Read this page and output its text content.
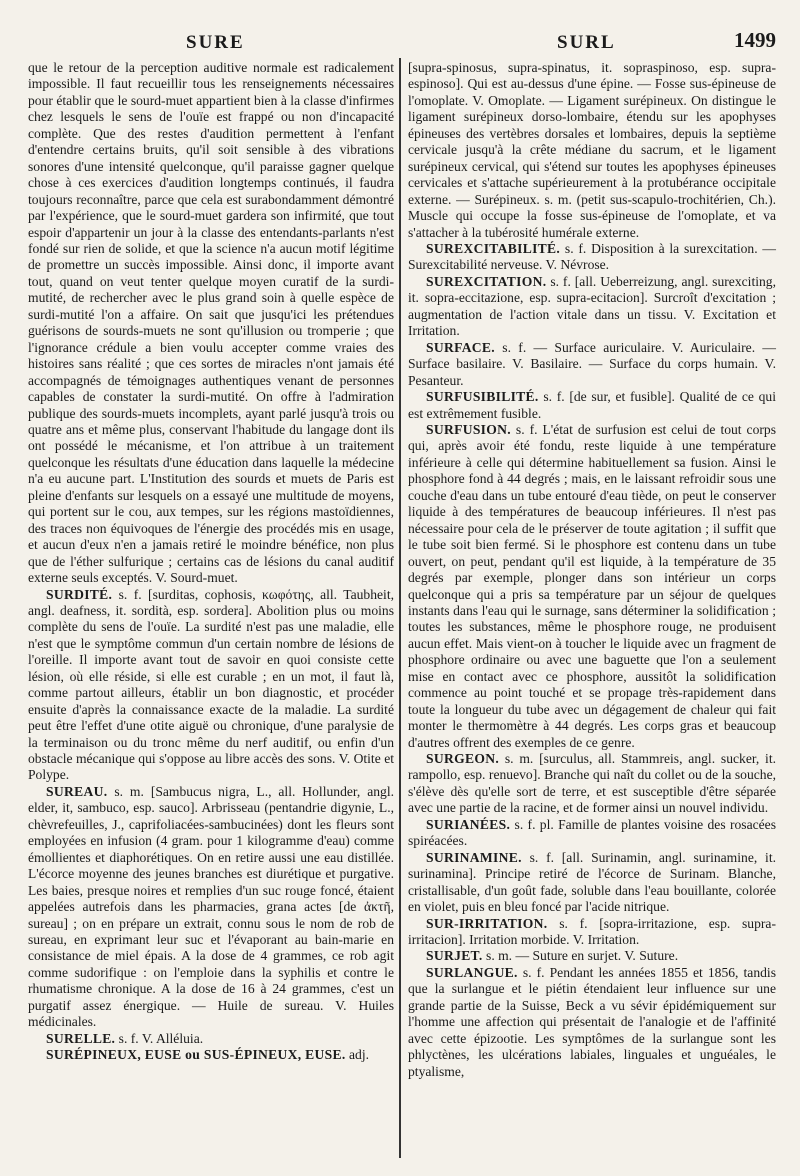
SURE	SURL	1499

que le retour de la perception auditive normale est radicalement impossible. Il faut recueillir tous les renseignements nécessaires pour établir que le sourd-muet appartient bien à la classe d'infirmes chez lesquels le sens de l'ouïe est frappé ou non d'incapacité complète. Que des restes d'audition permettent à l'enfant d'entendre certains bruits, qu'il soit sensible à des vibrations sonores d'une intensité quelconque, qu'il paraisse gagner quelque chose à ces exercices d'audition longtemps continués, il faudra toujours reconnaître, parce que cela est surabondamment démontré par l'expérience, que le sourd-muet gardera son infirmité, que tout espoir d'appartenir un jour à la classe des entendants-parlants n'est fondé sur rien de solide, et que la science n'a aucun motif légitime de promettre un succès impossible. Ainsi donc, il importe avant tout, quand on veut tenter quelque moyen curatif de la surdi-mutité, de rechercher avec le plus grand soin à quelle espèce de surdi-mutité l'on a affaire. On sait que jusqu'ici les prétendues guérisons de sourds-muets ne sont qu'illusion ou tromperie ; que l'ignorance crédule a bien voulu accepter comme vraies des histoires sans réalité ; que ces sortes de miracles n'ont jamais été accompagnés de témoignages authentiques venant de personnes capables de constater la surdi-mutité. On offre à l'admiration publique des sourds-muets incomplets, ayant parlé jusqu'à trois ou quatre ans et même plus, conservant l'habitude du langage dont ils ont possédé le mécanisme, et l'on attribue à un traitement quelconque les résultats d'une éducation dans laquelle la médecine n'a eu aucune part. L'Institution des sourds et muets de Paris est pleine d'enfants sur lesquels on a essayé une multitude de moyens, qui portent sur le cou, aux tempes, sur les régions mastoïdiennes, des traces non équivoques de l'énergie des procédés mis en usage, et aucun d'eux n'en a jamais retiré le moindre bénéfice, non plus que de l'éther sulfurique ; certains cas de lésions du canal auditif externe seuls exceptés. V. Sourd-muet.

SURDITÉ. s. f. [surditas, cophosis, κωφότης, all. Taubheit, angl. deafness, it. sordità, esp. sordera]. Abolition plus ou moins complète du sens de l'ouïe. La surdité n'est pas une maladie, elle n'est que le symptôme commun d'un certain nombre de lésions de l'oreille. Il importe avant tout de savoir en quoi consiste cette lésion, où elle réside, si elle est curable ; en un mot, il faut là, comme partout ailleurs, établir un bon diagnostic, et procéder ensuite d'après la connaissance exacte de la maladie. La surdité peut être l'effet d'une otite aiguë ou chronique, d'une paralysie de la terminaison ou du tronc même du nerf auditif, ou enfin d'un obstacle mécanique qui s'oppose au libre accès des sons. V. Otite et Polype.

SUREAU. s. m. [Sambucus nigra, L., all. Hollunder, angl. elder, it, sambuco, esp. sauco]. Arbrisseau (pentandrie digynie, L., chèvrefeuilles, J., caprifoliacées-sambucinées) dont les fleurs sont employées en infusion (4 gram. pour 1 kilogramme d'eau) comme émollientes et diaphorétiques. On en retire aussi une eau distillée. L'écorce moyenne des jeunes branches est diurétique et purgative. Les baies, presque noires et remplies d'un suc rouge foncé, étaient appelées autrefois dans les pharmacies, grana actes [de ἀκτῆ, sureau] ; on en prépare un extrait, connu sous le nom de rob de sureau, en exprimant leur suc et l'évaporant au bain-marie en consistance de miel épais. A la dose de 4 grammes, ce rob agit comme sudorifique : on l'emploie dans la syphilis et contre le rhumatisme chronique. A la dose de 16 à 24 grammes, c'est un purgatif assez énergique. — Huile de sureau. V. Huiles médicinales.

SURELLE. s. f. V. Alléluia.

SURÉPINEUX, EUSE ou SUS-ÉPINEUX, EUSE. adj.

[supra-spinosus, supra-spinatus, it. sopraspinoso, esp. supra-espinoso]. Qui est au-dessus d'une épine. — Fosse sus-épineuse de l'omoplate. V. Omoplate. — Ligament surépineux. On distingue le ligament surépineux dorso-lombaire, étendu sur les apophyses épineuses des vertèbres dorsales et lombaires, depuis la septième cervicale jusqu'à la crête médiane du sacrum, et le ligament surépineux cervical, qui s'étend sur toutes les apophyses épineuses cervicales et s'attache supérieurement à la protubérance occipitale externe. — Surépineux. s. m. (petit sus-scapulo-trochitérien, Ch.). Muscle qui occupe la fosse sus-épineuse de l'omoplate, et va s'attacher à la tubérosité humérale externe.

SUREXCITABILITÉ. s. f. Disposition à la surexcitation. — Surexcitabilité nerveuse. V. Névrose.

SUREXCITATION. s. f. [all. Ueberreizung, angl. surexciting, it. sopra-eccitazione, esp. supra-ecitacion]. Surcroît d'excitation ; augmentation de l'action vitale dans un tissu. V. Excitation et Irritation.

SURFACE. s. f. — Surface auriculaire. V. Auriculaire. — Surface basilaire. V. Basilaire. — Surface du corps humain. V. Pesanteur.

SURFUSIBILITÉ. s. f. [de sur, et fusible]. Qualité de ce qui est extrêmement fusible.

SURFUSION. s. f. L'état de surfusion est celui de tout corps qui, après avoir été fondu, reste liquide à une température inférieure à celle qui détermine habituellement sa fusion. Ainsi le phosphore fond à 44 degrés ; mais, en le laissant refroidir sous une couche d'eau dans un tube entouré d'eau tiède, on peut le conserver liquide à des températures de beaucoup inférieures. Il n'est pas nécessaire pour cela de le préserver de toute agitation ; il suffit que le tube soit bien fermé. Si le phosphore est contenu dans un tube ouvert, on peut, pendant qu'il est liquide, à la température de 35 degrés par exemple, plonger dans son intérieur un corps quelconque qui a pris sa température par un séjour de quelques instants dans l'eau qui le surnage, sans déterminer la solidification ; toutes les substances, même le phosphore rouge, ne produisent aucun effet. Mais vient-on à toucher le liquide avec un fragment de phosphore ordinaire ou avec une baguette que l'on a seulement mise en contact avec ce phosphore, aussitôt la solidification commence au point touché et se propage très-rapidement dans toute la longueur du tube avec un dégagement de chaleur qui fait monter le thermomètre à 44 degrés. Les corps gras et beaucoup d'autres offrent des exemples de ce genre.

SURGEON. s. m. [surculus, all. Stammreis, angl. sucker, it. rampollo, esp. renuevo]. Branche qui naît du collet ou de la souche, s'élève dès qu'elle sort de terre, et est susceptible d'être séparée avec une partie de la racine, et de former ainsi un nouvel individu.

SURIANÉES. s. f. pl. Famille de plantes voisine des rosacées spiréacées.

SURINAMINE. s. f. [all. Surinamin, angl. surinamine, it. surinamina]. Principe retiré de l'écorce de Surinam. Blanche, cristallisable, d'un goût fade, soluble dans l'eau bouillante, colorée en violet, puis en bleu foncé par l'acide nitrique.

SUR-IRRITATION. s. f. [sopra-irritazione, esp. supra-irritacion]. Irritation morbide. V. Irritation.

SURJET. s. m. — Suture en surjet. V. Suture.

SURLANGUE. s. f. Pendant les années 1855 et 1856, tandis que la surlangue et le piétin étendaient leur influence sur une grande partie de la Suisse, Beck a vu sévir épidémiquement sur l'homme une affection qui présentait de l'analogie et de l'affinité avec cette épizootie. Les symptômes de la surlangue sont les phlyctènes, les ulcérations labiales, linguales et unguéales, le ptyalisme,
